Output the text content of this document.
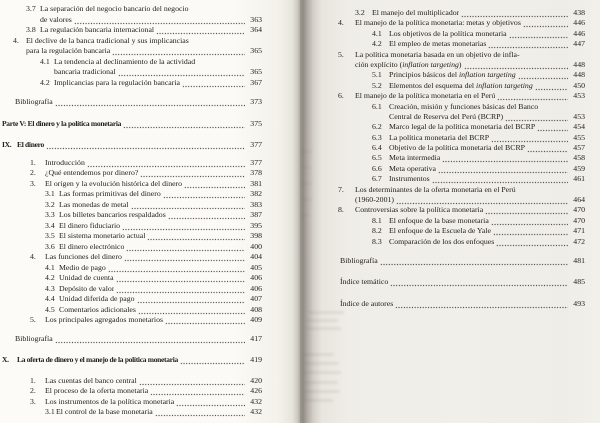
3.7 La separación del negocio bancario del negocio
de valores	363
3.8 La regulación bancaria internacional	364
4. El declive de la banca tradicional y sus implicancias
para la regulación bancaria	365
4.1 La tendencia al declinamiento de la actividad
bancaria tradicional	365
4.2 Implicancias para la regulación bancaria	367
Bibliografía	373
Parte V: El dinero y la política monetaria	375
IX. El dinero	377
1.	Introducción	377
2.	¿Qué entendemos por dinero?	378
3.	El origen y la evolución histórica del dinero	381
3.1 Las formas primitivas del dinero	382
3.2 Las monedas de metal	383
3.3 Los billetes bancarios respaldados	387
3.4 El dinero fiduciario	395
3.5 El sistema monetario actual	398
3.6 El dinero electrónico	400
4.	Las funciones del dinero	404
4.1 Medio de pago	405
4.2 Unidad de cuenta	406
4.3 Depósito de valor	406
4.4 Unidad diferida de pago	407
4.5 Comentarios adicionales	408
5.	Los principales agregados monetarios	409
Bibliografía	417
X.	La oferta de dinero y el manejo de la política monetaria	419
1.	Las cuentas del banco central	420
2.	El proceso de la oferta monetaria	426
3.	Los instrumentos de la política monetaria	432
3.1 El control de la base monetaria	432
3.2 El manejo del multiplicador	438
4.	El manejo de la política monetaria: metas y objetivos	446
4.1 Los objetivos de la política monetaria	446
4.2 El empleo de metas monetarias	447
5.	La política monetaria basada en un objetivo de infla-
ción explícito (inflation targeting)	448
5.1 Principios básicos del inflation targeting	448
5.2 Elementos del esquema del inflation targeting	450
6.	El manejo de la política monetaria en el Perú	453
6.1 Creación, misión y funciones básicas del Banco
Central de Reserva del Perú (BCRP)	453
6.2 Marco legal de la política monetaria del BCRP	454
6.3 La política monetaria del BCRP	455
6.4 Objetivo de la política monetaria del BCRP	457
6.5 Meta intermedia	458
6.6 Meta operativa	459
6.7 Instrumentos	461
7.	Los determinantes de la oferta monetaria en el Perú
(1960-2001)	464
8.	Controversias sobre la política monetaria	470
8.1 El enfoque de la base monetaria	470
8.2 El enfoque de la Escuela de Yale	471
8.3 Comparación de los dos enfoques	472
Bibliografía	481
Índice temático	485
Índice de autores	493
